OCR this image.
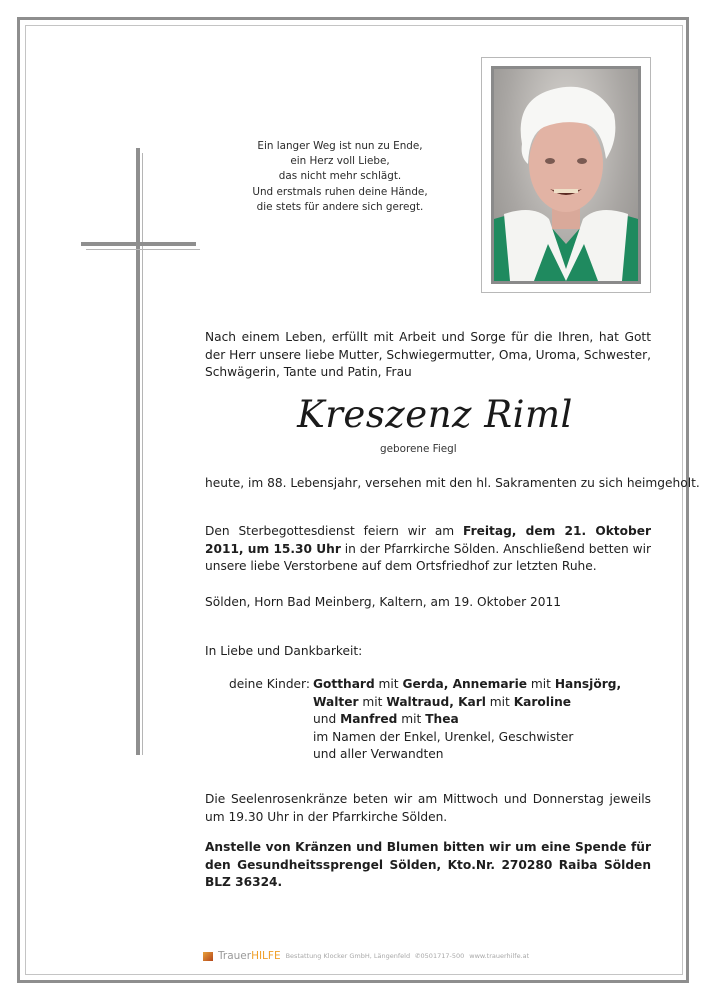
Ein langer Weg ist nun zu Ende,
ein Herz voll Liebe,
das nicht mehr schlägt.
Und erstmals ruhen deine Hände,
die stets für andere sich geregt.
Nach einem Leben, erfüllt mit Arbeit und Sorge für die Ihren, hat Gott der Herr unsere liebe Mutter, Schwiegermutter, Oma, Uroma, Schwester, Schwägerin, Tante und Patin, Frau
Kreszenz Riml
geborene Fiegl
heute, im 88. Lebensjahr, versehen mit den hl. Sakramenten zu sich heimgeholt.
Den Sterbegottesdienst feiern wir am Freitag, dem 21. Oktober 2011, um 15.30 Uhr in der Pfarrkirche Sölden. Anschließend betten wir unsere liebe Verstorbene auf dem Ortsfriedhof zur letzten Ruhe.
Sölden, Horn Bad Meinberg, Kaltern, am 19. Oktober 2011
In Liebe und Dankbarkeit:
deine Kinder: Gotthard mit Gerda, Annemarie mit Hansjörg,
Walter mit Waltraud, Karl mit Karoline
und Manfred mit Thea
im Namen der Enkel, Urenkel, Geschwister
und aller Verwandten
Die Seelenrosenkränze beten wir am Mittwoch und Donnerstag jeweils um 19.30 Uhr in der Pfarrkirche Sölden.
Anstelle von Kränzen und Blumen bitten wir um eine Spende für den Gesundheitssprengel Sölden, Kto.Nr. 270280 Raiba Sölden BLZ 36324.
Trauer HILFE Bestattung Klocker GmbH, Längenfeld ✆0501717-500 www.trauerhilfe.at
